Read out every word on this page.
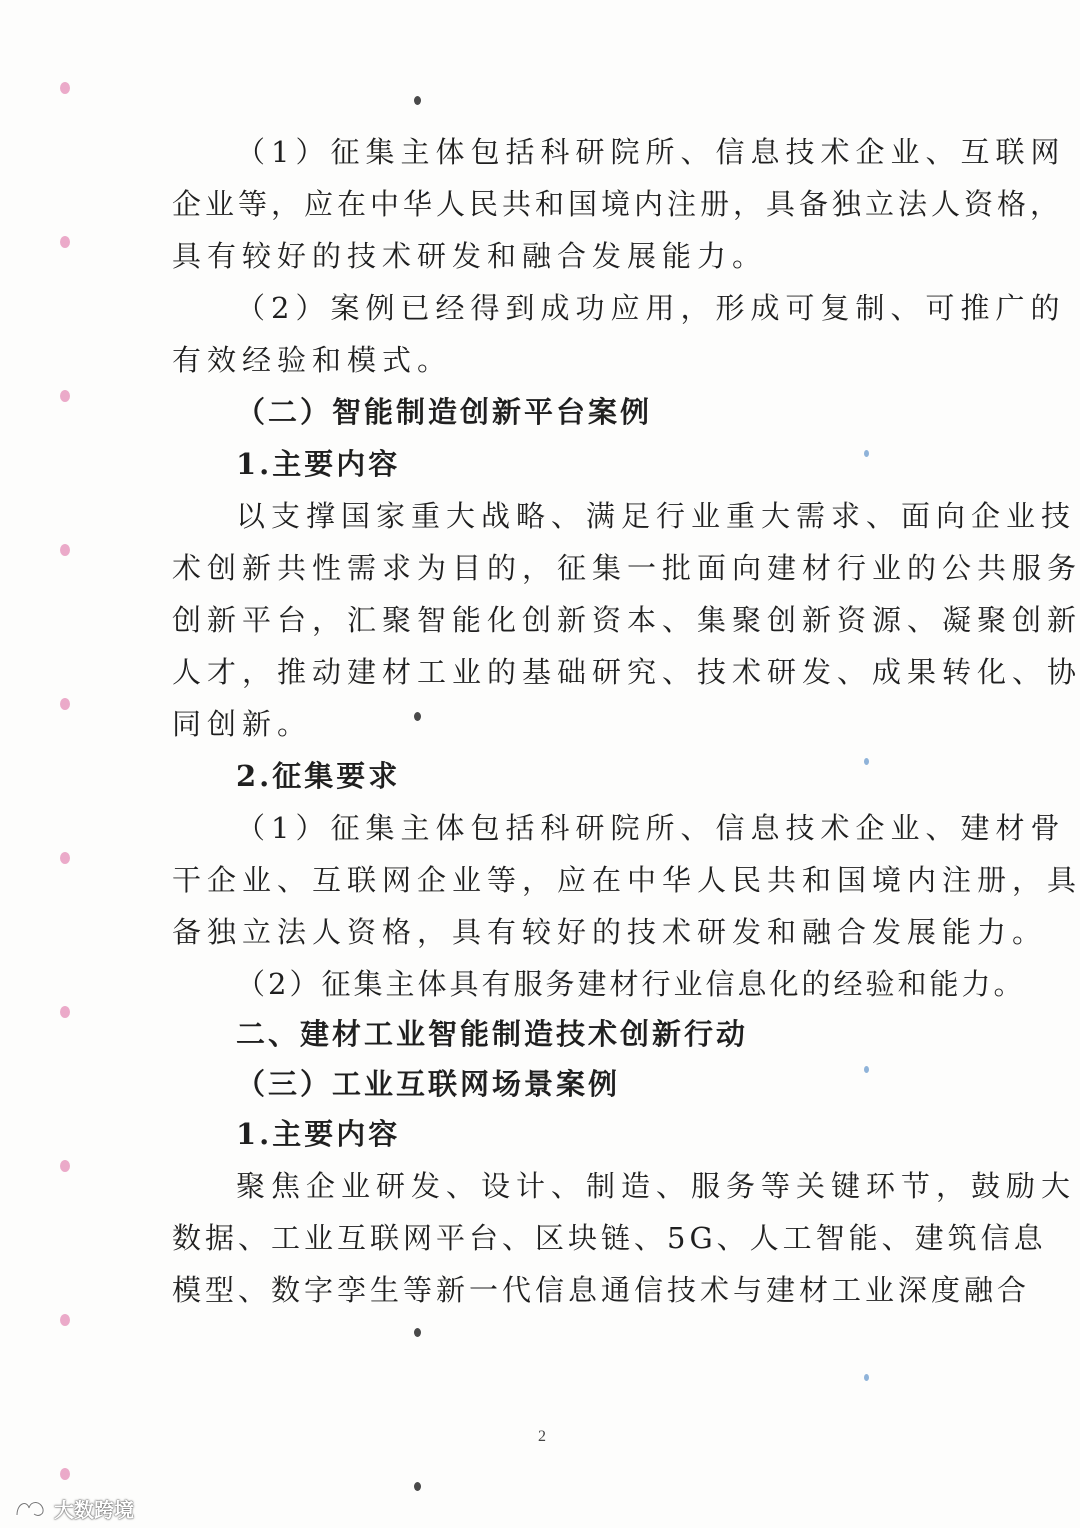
（1）征集主体包括科研院所、信息技术企业、互联网
企业等，应在中华人民共和国境内注册，具备独立法人资格，
具有较好的技术研发和融合发展能力。
（2）案例已经得到成功应用，形成可复制、可推广的
有效经验和模式。
（二）智能制造创新平台案例
1.主要内容
以支撑国家重大战略、满足行业重大需求、面向企业技
术创新共性需求为目的，征集一批面向建材行业的公共服务
创新平台，汇聚智能化创新资本、集聚创新资源、凝聚创新
人才，推动建材工业的基础研究、技术研发、成果转化、协
同创新。
2.征集要求
（1）征集主体包括科研院所、信息技术企业、建材骨
干企业、互联网企业等，应在中华人民共和国境内注册，具
备独立法人资格，具有较好的技术研发和融合发展能力。
（2）征集主体具有服务建材行业信息化的经验和能力。
二、建材工业智能制造技术创新行动
（三）工业互联网场景案例
1.主要内容
聚焦企业研发、设计、制造、服务等关键环节，鼓励大
数据、工业互联网平台、区块链、5G、人工智能、建筑信息
模型、数字孪生等新一代信息通信技术与建材工业深度融合
2
大数跨境
